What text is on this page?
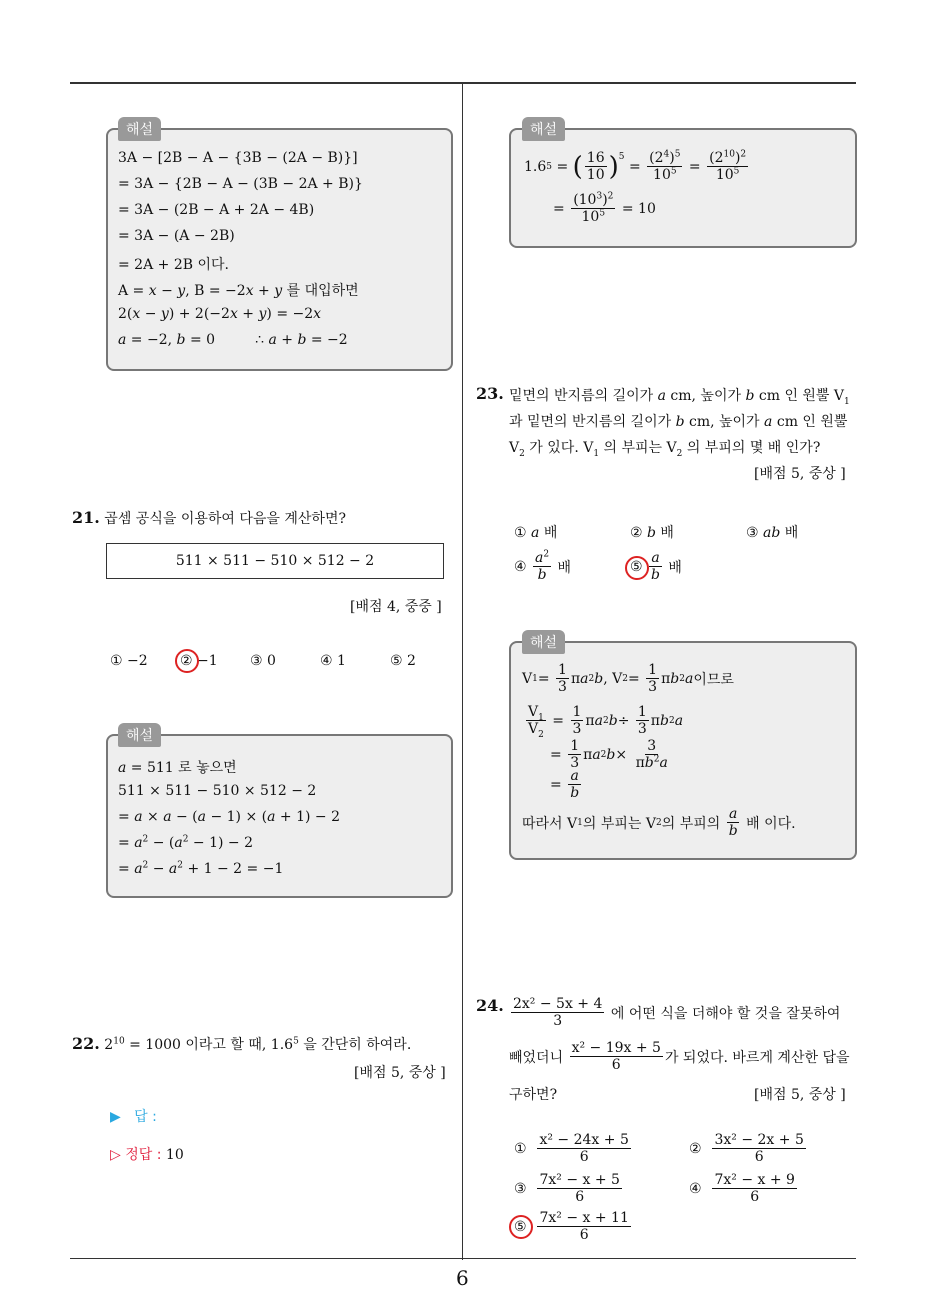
6
해설
3A − [2B − A − {3B − (2A − B)}]
= 3A − {2B − A − (3B − 2A + B)}
= 3A − (2B − A + 2A − 4B)
= 3A − (A − 2B)
= 2A + 2B 이다.
A = x − y, B = −2x + y 를 대입하면
2(x − y) + 2(−2x + y) = −2x
a = −2, b = 0         ∴ a + b = −2
21. 곱셈 공식을 이용하여 다음을 계산하면?
511 × 511 − 510 × 512 − 2
[배점 4, 중중 ]
① −2 ② −1 ③ 0	④ 1	⑤ 2
해설
a = 511 로 놓으면
511 × 511 − 510 × 512 − 2
= a × a − (a − 1) × (a + 1) − 2
= $a^2 - (a^2 - 1) - 2$
= $a^2 - a^2 + 1 - 2 = -1$
22. $2^{10} = 1000$ 이라고 할 때, $1.6^5$ 을 간단히 하여라.
[배점 5, 중상 ]
▶ 답 :
▷ 정답 : 10
해설
1.6 5 = ( $\frac{16}{10} )^5$
= $\frac{(2^4)^5}{10^5} = \frac{(2^{10})^2}{10^5}$
= $\frac{(10^3)^2}{10^5} = 10$
23. 밑면의 반지름의 길이가 a cm, 높이가 b cm 인 원뿔 $V_1$
과 밑면의 반지름의 길이가 b cm, 높이가 a cm 인 원뿔
$V_2$ 가 있다. $V_1$ 의 부피는 $V_2$ 의 부피의 몇 배 인가?
[배점 5, 중상 ]
① a 배	② b 배	③ ab 배
④ $\frac{a^2}{b}$ 배	⑤ $\frac{a}{b}$ 배
해설
V $1 = \frac{1}{3}$ π a 2 b , V $2 = \frac{1}{3}$ π b 2 a 이므로
$\frac{V_1}{V_2} = \frac{1}{3}$ π a 2 $b \div \frac{1}{3}$ π b 2 a
= $\frac{1}{3}$ π a 2 $b \times \frac{3}{\pi b^2a}$
= $\frac{a}{b}$
따라서 V 1 의 부피는 V 2 의 부피의 $\frac{a}{b}$ 배 이다.
24. $\frac{\text{2x² − 5x + 4}}{3}$
에 어떤 식을 더해야 할 것을 잘못하여
빼었더니
$\frac{\text{x² − 19x + 5}}{6}$ 가 되었다. 바르게 계산한 답을
구하면?	[배점 5, 중상 ]
①
$\frac{\text{x² − 24x + 5}}{6}$	②
$\frac{\text{3x² − 2x + 5}}{6}$
③
$\frac{\text{7x² − x + 5}}{6}$	④
$\frac{\text{7x² − x + 9}}{6}$
⑤
$\frac{\text{7x² − x + 11}}{6}$
